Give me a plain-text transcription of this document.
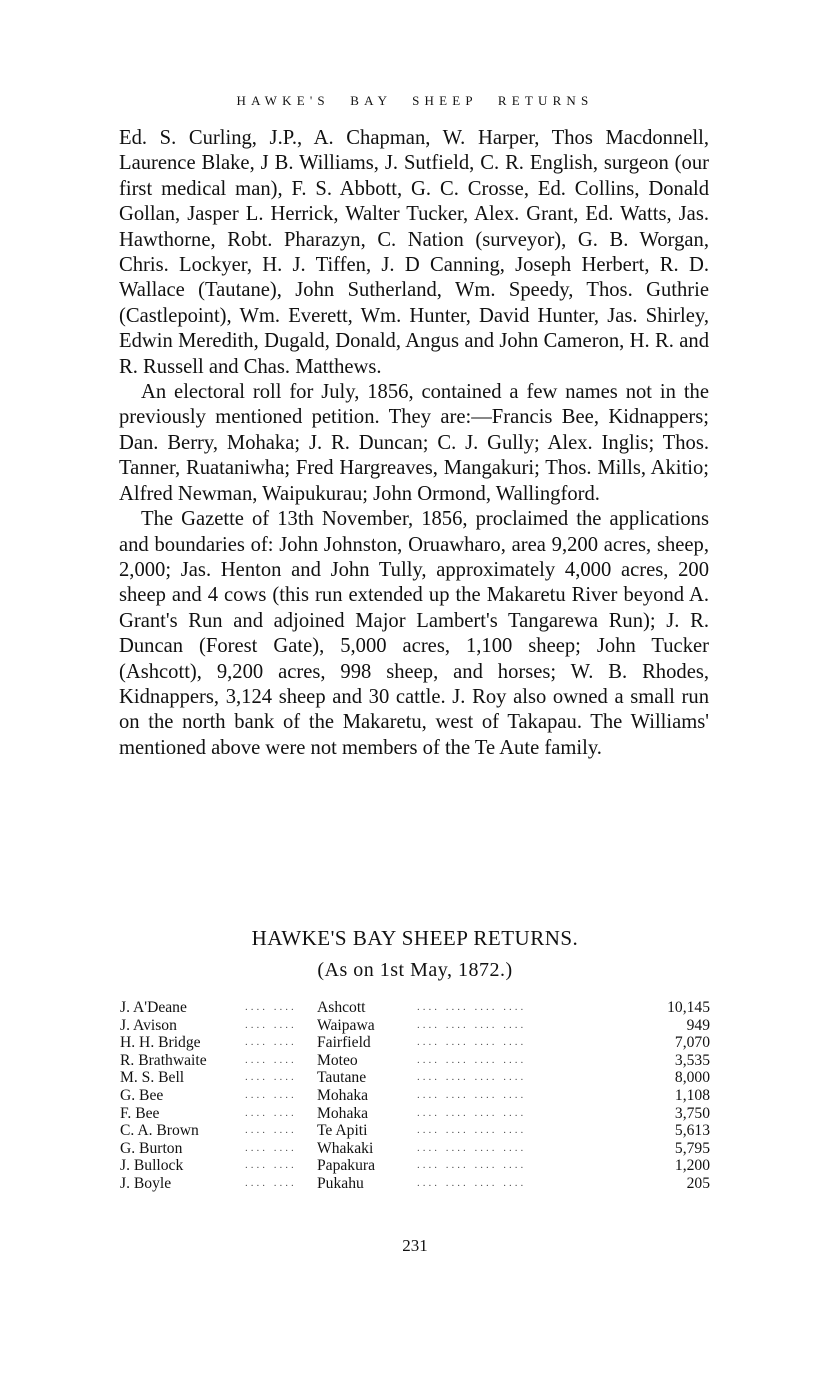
HAWKE'S BAY SHEEP RETURNS

Ed. S. Curling, J.P., A. Chapman, W. Harper, Thos Macdonnell, Laurence Blake, J B. Williams, J. Sutfield, C. R. English, surgeon (our first medical man), F. S. Abbott, G. C. Crosse, Ed. Collins, Donald Gollan, Jasper L. Herrick, Walter Tucker, Alex. Grant, Ed. Watts, Jas. Hawthorne, Robt. Pharazyn, C. Nation (surveyor), G. B. Worgan, Chris. Lockyer, H. J. Tiffen, J. D Canning, Joseph Herbert, R. D. Wallace (Tautane), John Sutherland, Wm. Speedy, Thos. Guthrie (Castlepoint), Wm. Everett, Wm. Hunter, David Hunter, Jas. Shirley, Edwin Meredith, Dugald, Donald, Angus and John Cameron, H. R. and R. Russell and Chas. Matthews.

An electoral roll for July, 1856, contained a few names not in the previously mentioned petition. They are:—Francis Bee, Kidnappers; Dan. Berry, Mohaka; J. R. Duncan; C. J. Gully; Alex. Inglis; Thos. Tanner, Ruataniwha; Fred Hargreaves, Mangakuri; Thos. Mills, Akitio; Alfred Newman, Waipukurau; John Ormond, Wallingford.

The Gazette of 13th November, 1856, proclaimed the applications and boundaries of: John Johnston, Oruawharo, area 9,200 acres, sheep, 2,000; Jas. Henton and John Tully, approximately 4,000 acres, 200 sheep and 4 cows (this run extended up the Makaretu River beyond A. Grant's Run and adjoined Major Lambert's Tangarewa Run); J. R. Duncan (Forest Gate), 5,000 acres, 1,100 sheep; John Tucker (Ashcott), 9,200 acres, 998 sheep, and horses; W. B. Rhodes, Kidnappers, 3,124 sheep and 30 cattle. J. Roy also owned a small run on the north bank of the Makaretu, west of Takapau. The Williams' mentioned above were not members of the Te Aute family.

HAWKE'S BAY SHEEP RETURNS.
(As on 1st May, 1872.)
J. A'Deane	.... ....	Ashcott	.... .... .... ....	10,145
J. Avison	.... ....	Waipawa	.... .... .... ....	949
H. H. Bridge	.... ....	Fairfield	.... .... .... ....	7,070
R. Brathwaite	.... ....	Moteo	.... .... .... ....	3,535
M. S. Bell	.... ....	Tautane	.... .... .... ....	8,000
G. Bee	.... ....	Mohaka	.... .... .... ....	1,108
F. Bee	.... ....	Mohaka	.... .... .... ....	3,750
C. A. Brown	.... ....	Te Apiti	.... .... .... ....	5,613
G. Burton	.... ....	Whakaki	.... .... .... ....	5,795
J. Bullock	.... ....	Papakura	.... .... .... ....	1,200
J. Boyle	.... ....	Pukahu	.... .... .... ....	205
231
